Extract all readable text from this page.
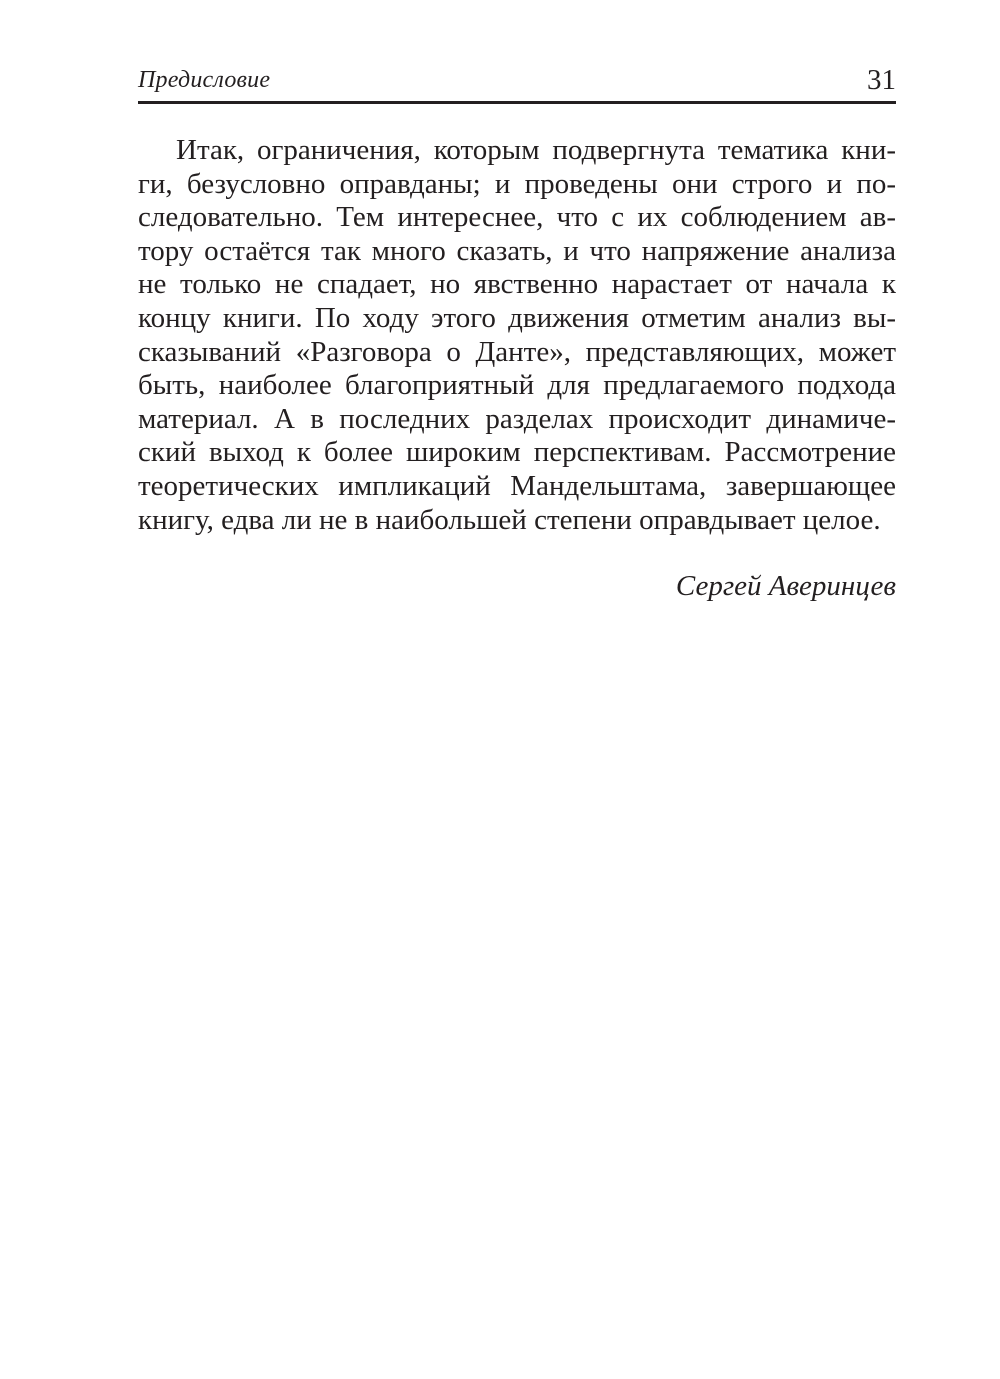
Предисловие	31
Итак, ограничения, которым подвергнута тематика кни-
ги, безусловно оправданы; и проведены они строго и по-
следовательно. Тем интереснее, что с их соблюдением ав-
тору остаётся так много сказать, и что напряжение анализа
не только не спадает, но явственно нарастает от начала к
концу книги. По ходу этого движения отметим анализ вы-
сказываний «Разговора о Данте», представляющих, может
быть, наиболее благоприятный для предлагаемого подхода
материал. А в последних разделах происходит динамиче-
ский выход к более широким перспективам. Рассмотрение
теоретических импликаций Мандельштама, завершающее
книгу, едва ли не в наибольшей степени оправдывает целое.
Сергей Аверинцев
